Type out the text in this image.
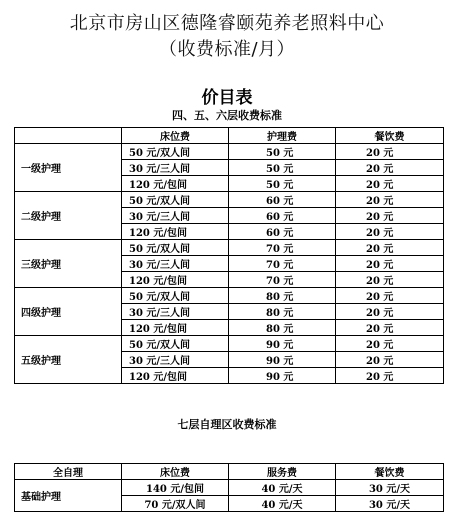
北京市房山区德隆睿颐苑养老照料中心
（收费标准/月）
价目表
四、五、六层收费标准
	床位费	护理费	餐饮费
一级护理	50 元/双人间	50 元	20 元
	30 元/三人间	50 元	20 元
	120 元/包间	50 元	20 元
二级护理	50 元/双人间	60 元	20 元
	30 元/三人间	60 元	20 元
	120 元/包间	60 元	20 元
三级护理	50 元/双人间	70 元	20 元
	30 元/三人间	70 元	20 元
	120 元/包间	70 元	20 元
四级护理	50 元/双人间	80 元	20 元
	30 元/三人间	80 元	20 元
	120 元/包间	80 元	20 元
五级护理	50 元/双人间	90 元	20 元
	30 元/三人间	90 元	20 元
	120 元/包间	90 元	20 元
七层自理区收费标准
全自理	床位费	服务费	餐饮费
基础护理	140 元/包间	40 元/天	30 元/天
	70 元/双人间	40 元/天	30 元/天
